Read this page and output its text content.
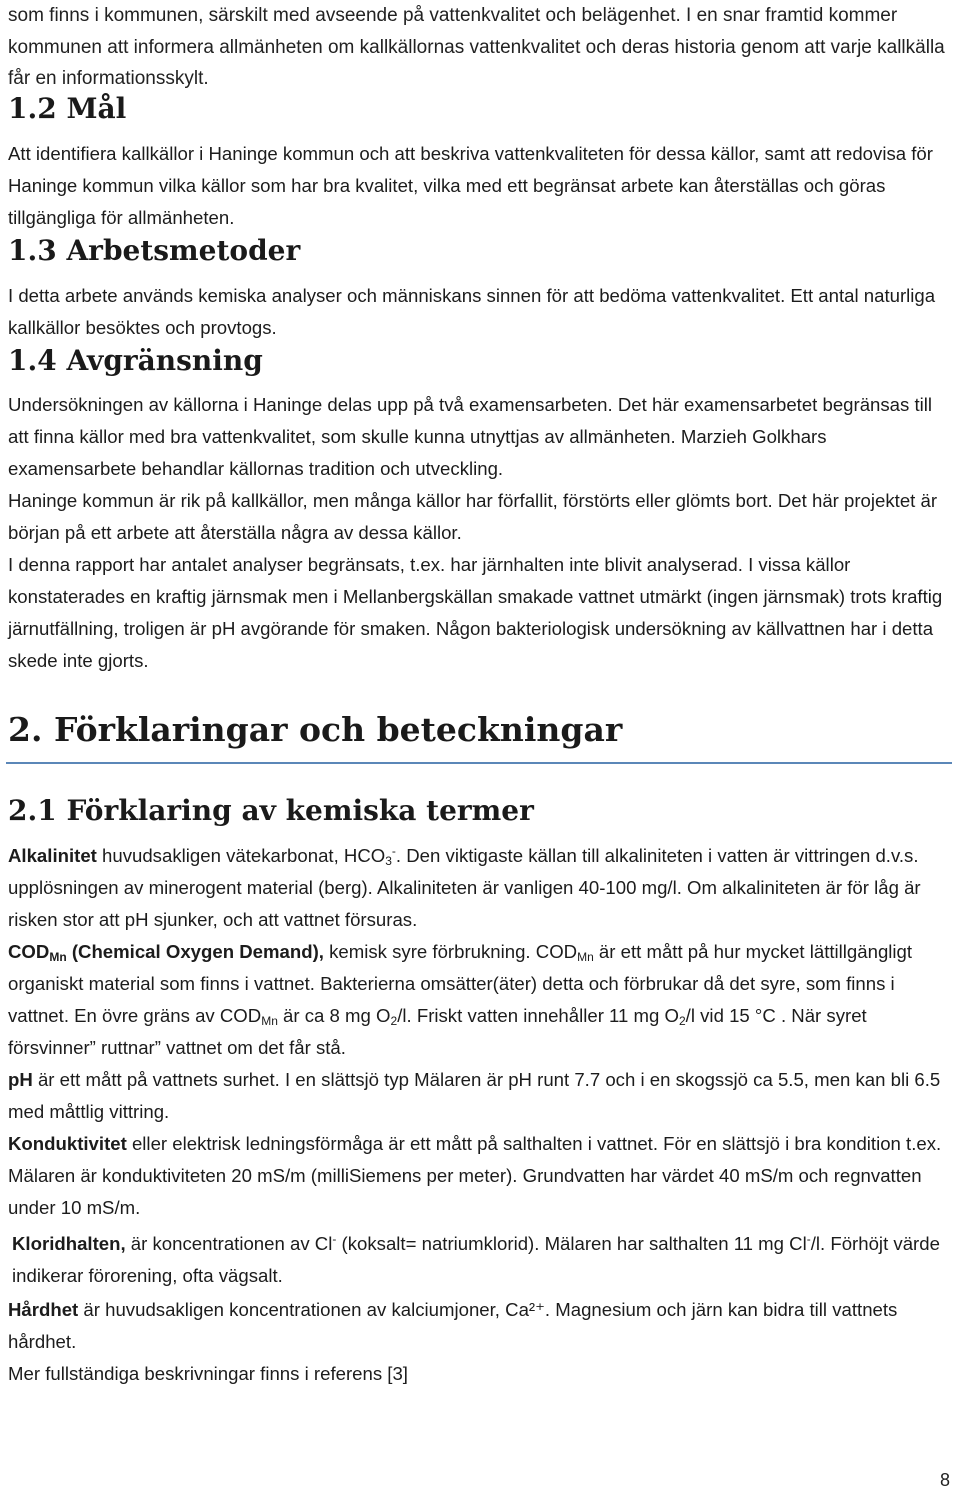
som finns i kommunen, särskilt med avseende på vattenkvalitet och belägenhet. I en snar framtid kommer kommunen att informera allmänheten om kallkällornas vattenkvalitet och deras historia genom att varje kallkälla får en informationsskylt.

1.2 Mål

Att identifiera kallkällor i Haninge kommun och att beskriva vattenkvaliteten för dessa källor, samt att redovisa för Haninge kommun vilka källor som har bra kvalitet, vilka med ett begränsat arbete kan återställas och göras tillgängliga för allmänheten.

1.3 Arbetsmetoder

I detta arbete används kemiska analyser och människans sinnen för att bedöma vattenkvalitet. Ett antal naturliga kallkällor besöktes och provtogs.

1.4 Avgränsning

Undersökningen av källorna i Haninge delas upp på två examensarbeten. Det här examensarbetet begränsas till att finna källor med bra vattenkvalitet, som skulle kunna utnyttjas av allmänheten. Marzieh Golkhars examensarbete behandlar källornas tradition och utveckling.

Haninge kommun är rik på kallkällor, men många källor har förfallit, förstörts eller glömts bort. Det här projektet är början på ett arbete att återställa några av dessa källor.

I denna rapport har antalet analyser begränsats, t.ex. har järnhalten inte blivit analyserad. I vissa källor konstaterades en kraftig järnsmak men i Mellanbergskällan smakade vattnet utmärkt (ingen järnsmak) trots kraftig järnutfällning, troligen är pH avgörande för smaken. Någon bakteriologisk undersökning av källvattnen har i detta skede inte gjorts.

2. Förklaringar och beteckningar
2.1 Förklaring av kemiska termer

Alkalinitet huvudsakligen vätekarbonat, $HCO_3^-$. Den viktigaste källan till alkaliniteten i vatten är vittringen d.v.s. upplösningen av minerogent material (berg). Alkaliniteten är vanligen 40-100 mg/l. Om alkaliniteten är för låg är risken stor att pH sjunker, och att vattnet försuras.

$COD_{Mn}$ (Chemical Oxygen Demand), kemisk syre förbrukning. $COD_{Mn}$ är ett mått på hur mycket lättillgängligt organiskt material som finns i vattnet. Bakterierna omsätter(äter) detta och förbrukar då det syre, som finns i vattnet. En övre gräns av $COD_{Mn}$ är ca 8 mg $O_2/l$. Friskt vatten innehåller 11 mg $O_2/l$ vid 15 °C . När syret försvinner” ruttnar” vattnet om det får stå.

pH är ett mått på vattnets surhet. I en slättsjö typ Mälaren är pH runt 7.7 och i en skogssjö ca 5.5, men kan bli 6.5 med måttlig vittring.

Konduktivitet eller elektrisk ledningsförmåga är ett mått på salthalten i vattnet. För en slättsjö i bra kondition t.ex. Mälaren är konduktiviteten 20 mS/m (milliSiemens per meter). Grundvatten har värdet 40 mS/m och regnvatten under 10 mS/m.

Kloridhalten, är koncentrationen av Cl- (koksalt= natriumklorid). Mälaren har salthalten 11 mg Cl-/l. Förhöjt värde indikerar förorening, ofta vägsalt.

Hårdhet är huvudsakligen koncentrationen av kalciumjoner, Ca²⁺. Magnesium och järn kan bidra till vattnets hårdhet.

Mer fullständiga beskrivningar finns i referens [3]

8
